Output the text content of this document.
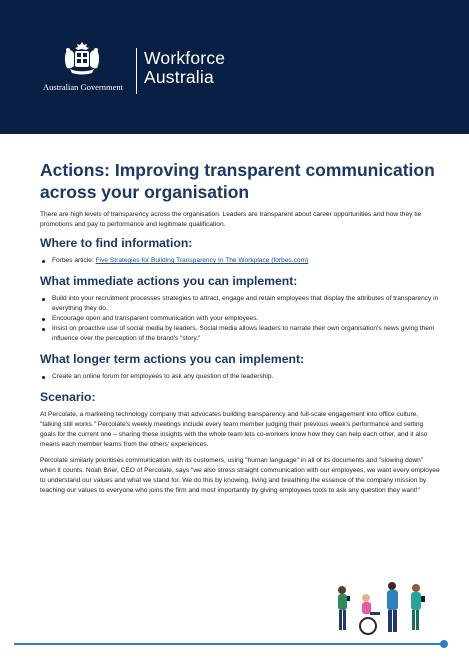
Australian Government
Workforce
Australia
Actions: Improving transparent communication across your organisation

There are high levels of transparency across the organisation. Leaders are transparent about career opportunities and how they tie promotions and pay to performance and legitimate qualification.

Where to find information:
Forbes article: Five Strategies for Building Transparency In The Workplace (forbes.com)
What immediate actions you can implement:
Build into your recruitment processes strategies to attract, engage and retain employees that display the attributes of transparency in everything they do.
Encourage open and transparent communication with your employees.
Insist on proactive use of social media by leaders. Social media allows leaders to narrate their own organisation's news giving them influence over the perception of the brand's "story."
What longer term actions you can implement:
Create an online forum for employees to ask any question of the leadership.
Scenario:

At Percolate, a marketing technology company that advocates building transparency and full-scale engagement into office culture, "talking still works." Percolate's weekly meetings include every team member judging their previous week's performance and setting goals for the current one – sharing these insights with the whole team lets co-workers know how they can help each other, and it also means each member learns from the others' experiences.

Percolate similarly prioritises communication with its customers, using "human language" in all of its documents and "slowing down" when it counts. Noah Brier, CEO of Percolate, says "we also stress straight communication with our employees, we want every employee to understand our values and what we stand for. We do this by knowing, living and breathing the essence of the company mission by teaching our values to everyone who joins the firm and most importantly by giving employees tools to ask any question they want!"
